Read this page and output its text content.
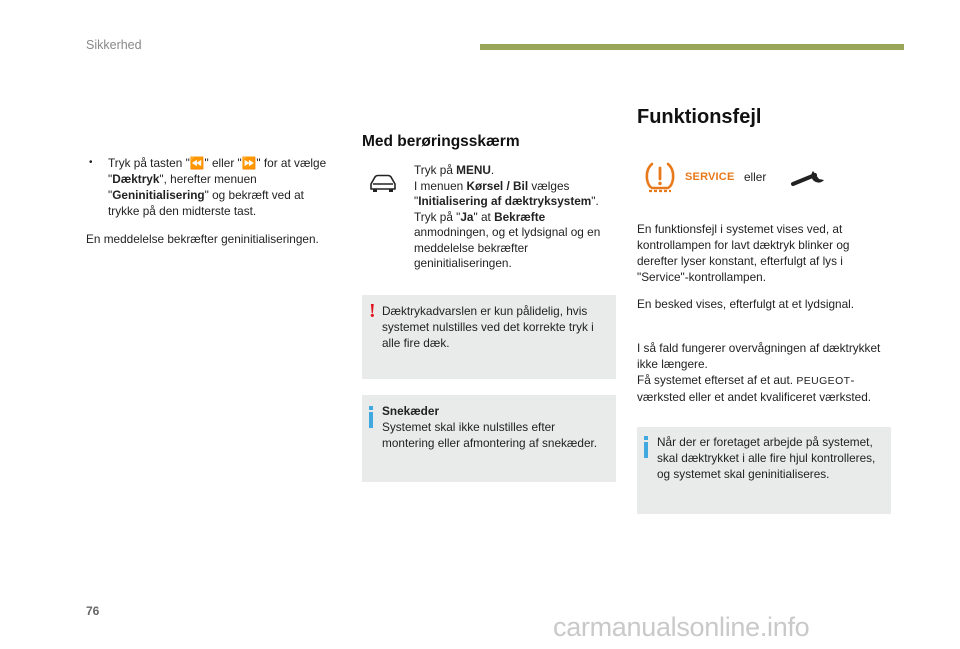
Sikkerhed
• Tryk på tasten "⏪" eller "⏩" for at vælge "Dæktryk", herefter menuen "Geninitialisering" og bekræft ved at trykke på den midterste tast.
En meddelelse bekræfter geninitialiseringen.
Med berøringsskærm
Tryk på MENU.
I menuen Kørsel / Bil vælges "Initialisering af dæktryksystem".
Tryk på "Ja" at Bekræfte anmodningen, og et lydsignal og en meddelelse bekræfter geninitialiseringen.
! Dæktrykadvarslen er kun pålidelig, hvis systemet nulstilles ved det korrekte tryk i alle fire dæk.
Snekæder
Systemet skal ikke nulstilles efter montering eller afmontering af snekæder.
Funktionsfejl
SERVICE eller
En funktionsfejl i systemet vises ved, at kontrollampen for lavt dæktryk blinker og derefter lyser konstant, efterfulgt af lys i "Service"-kontrollampen.
En besked vises, efterfulgt at et lydsignal.
I så fald fungerer overvågningen af dæktrykket ikke længere.
Få systemet efterset af et aut. PEUGEOT-værksted eller et andet kvalificeret værksted.
Når der er foretaget arbejde på systemet, skal dæktrykket i alle fire hjul kontrolleres, og systemet skal geninitialiseres.
76
carmanualsonline.info
